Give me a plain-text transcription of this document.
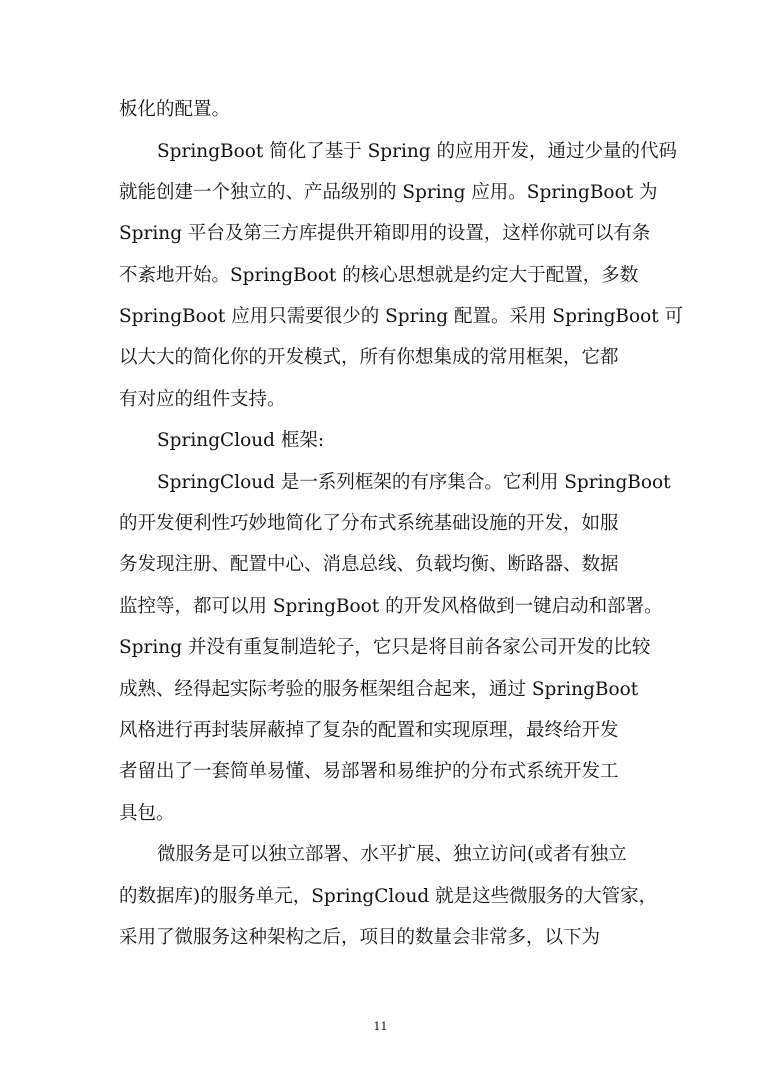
板化的配置。
SpringBoot 简化了基于 Spring 的应用开发，通过少量的代码
就能创建一个独立的、产品级别的 Spring 应用。SpringBoot 为
Spring 平台及第三方库提供开箱即用的设置，这样你就可以有条
不紊地开始。SpringBoot 的核心思想就是约定大于配置，多数
SpringBoot 应用只需要很少的 Spring 配置。采用 SpringBoot 可
以大大的简化你的开发模式，所有你想集成的常用框架，它都
有对应的组件支持。
SpringCloud 框架:
SpringCloud 是一系列框架的有序集合。它利用 SpringBoot
的开发便利性巧妙地简化了分布式系统基础设施的开发，如服
务发现注册、配置中心、消息总线、负载均衡、断路器、数据
监控等，都可以用 SpringBoot 的开发风格做到一键启动和部署。
Spring 并没有重复制造轮子，它只是将目前各家公司开发的比较
成熟、经得起实际考验的服务框架组合起来，通过 SpringBoot
风格进行再封装屏蔽掉了复杂的配置和实现原理，最终给开发
者留出了一套简单易懂、易部署和易维护的分布式系统开发工
具包。
微服务是可以独立部署、水平扩展、独立访问(或者有独立
的数据库)的服务单元，SpringCloud 就是这些微服务的大管家，
采用了微服务这种架构之后，项目的数量会非常多，以下为
11
